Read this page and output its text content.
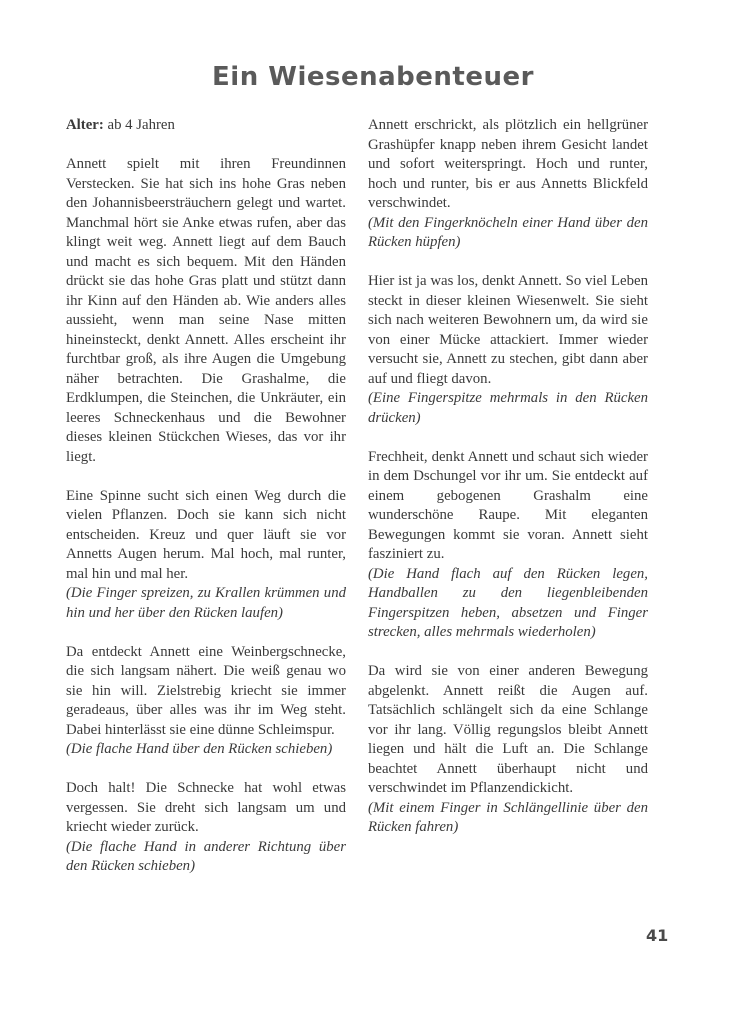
Ein Wiesenabenteuer

Alter: ab 4 Jahren

Annett spielt mit ihren Freundinnen Verstecken. Sie hat sich ins hohe Gras neben den Johannisbeersträuchern gelegt und wartet. Manchmal hört sie Anke etwas rufen, aber das klingt weit weg. Annett liegt auf dem Bauch und macht es sich bequem. Mit den Händen drückt sie das hohe Gras platt und stützt dann ihr Kinn auf den Händen ab. Wie anders alles aussieht, wenn man seine Nase mitten hineinsteckt, denkt Annett. Alles erscheint ihr furchtbar groß, als ihre Augen die Umgebung näher betrachten. Die Grashalme, die Erdklumpen, die Steinchen, die Unkräuter, ein leeres Schneckenhaus und die Bewohner dieses kleinen Stückchen Wieses, das vor ihr liegt.

Eine Spinne sucht sich einen Weg durch die vielen Pflanzen. Doch sie kann sich nicht entscheiden. Kreuz und quer läuft sie vor Annetts Augen herum. Mal hoch, mal runter, mal hin und mal her.

(Die Finger spreizen, zu Krallen krümmen und hin und her über den Rücken laufen)

Da entdeckt Annett eine Weinbergschnecke, die sich langsam nähert. Die weiß genau wo sie hin will. Zielstrebig kriecht sie immer geradeaus, über alles was ihr im Weg steht. Dabei hinterlässt sie eine dünne Schleimspur.

(Die flache Hand über den Rücken schieben)

Doch halt! Die Schnecke hat wohl etwas vergessen. Sie dreht sich langsam um und kriecht wieder zurück.

(Die flache Hand in anderer Richtung über den Rücken schieben)

Annett erschrickt, als plötzlich ein hellgrüner Grashüpfer knapp neben ihrem Gesicht landet und sofort weiterspringt. Hoch und runter, hoch und runter, bis er aus Annetts Blickfeld verschwindet.

(Mit den Fingerknöcheln einer Hand über den Rücken hüpfen)

Hier ist ja was los, denkt Annett. So viel Leben steckt in dieser kleinen Wiesenwelt. Sie sieht sich nach weiteren Bewohnern um, da wird sie von einer Mücke attackiert. Immer wieder versucht sie, Annett zu stechen, gibt dann aber auf und fliegt davon.

(Eine Fingerspitze mehrmals in den Rücken drücken)

Frechheit, denkt Annett und schaut sich wieder in dem Dschungel vor ihr um. Sie entdeckt auf einem gebogenen Grashalm eine wunderschöne Raupe. Mit eleganten Bewegungen kommt sie voran. Annett sieht fasziniert zu.

(Die Hand flach auf den Rücken legen, Handballen zu den liegenbleibenden Fingerspitzen heben, absetzen und Finger strecken, alles mehrmals wiederholen)

Da wird sie von einer anderen Bewegung abgelenkt. Annett reißt die Augen auf. Tatsächlich schlängelt sich da eine Schlange vor ihr lang. Völlig regungslos bleibt Annett liegen und hält die Luft an. Die Schlange beachtet Annett überhaupt nicht und verschwindet im Pflanzendickicht.

(Mit einem Finger in Schlängellinie über den Rücken fahren)

41
